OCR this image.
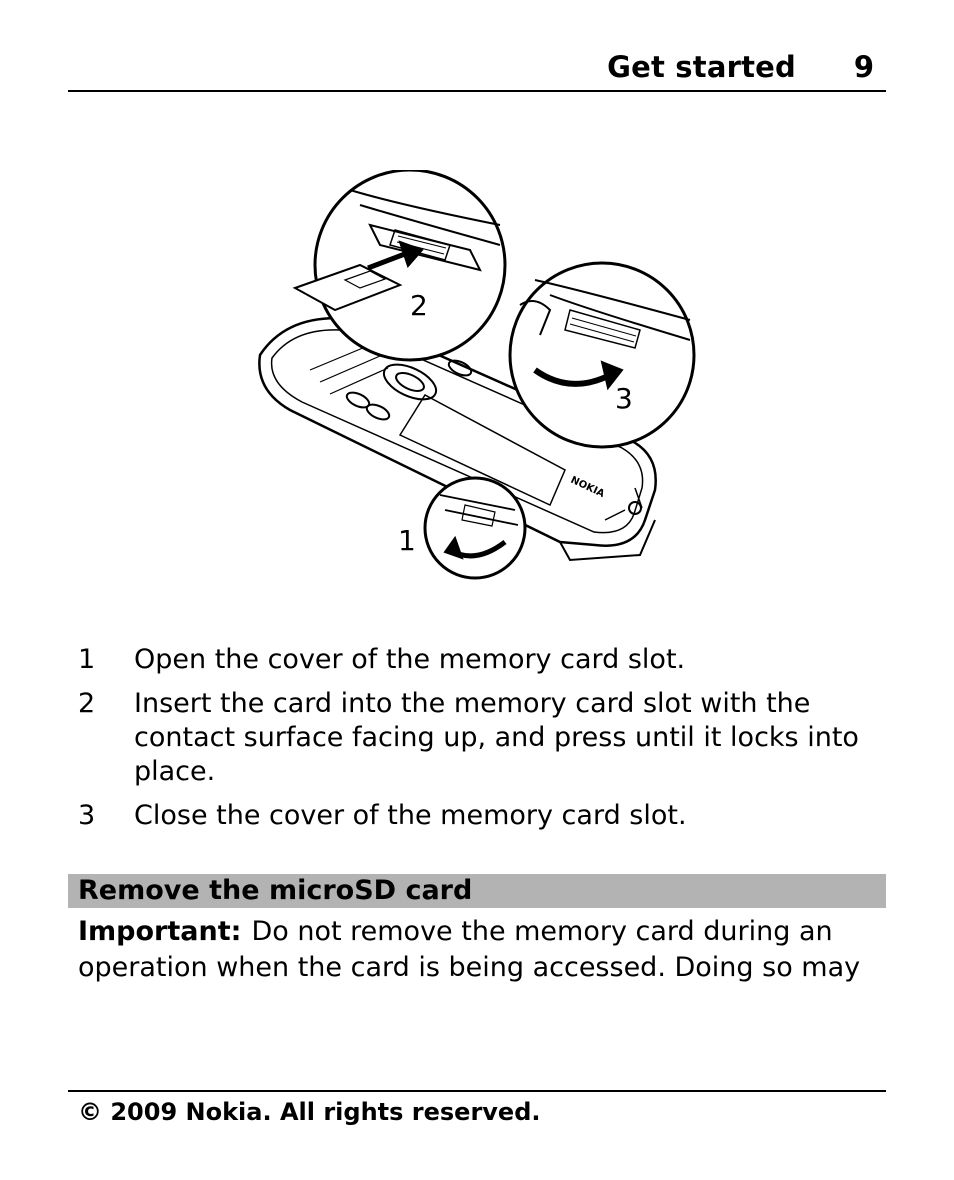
Get started 9
NOKIA
2
3
1
1	Open the cover of the memory card slot.
2	Insert the card into the memory card slot with the contact surface facing up, and press until it locks into place.
3	Close the cover of the memory card slot.
Remove the microSD card
Important: Do not remove the memory card during an operation when the card is being accessed. Doing so may
© 2009 Nokia. All rights reserved.
